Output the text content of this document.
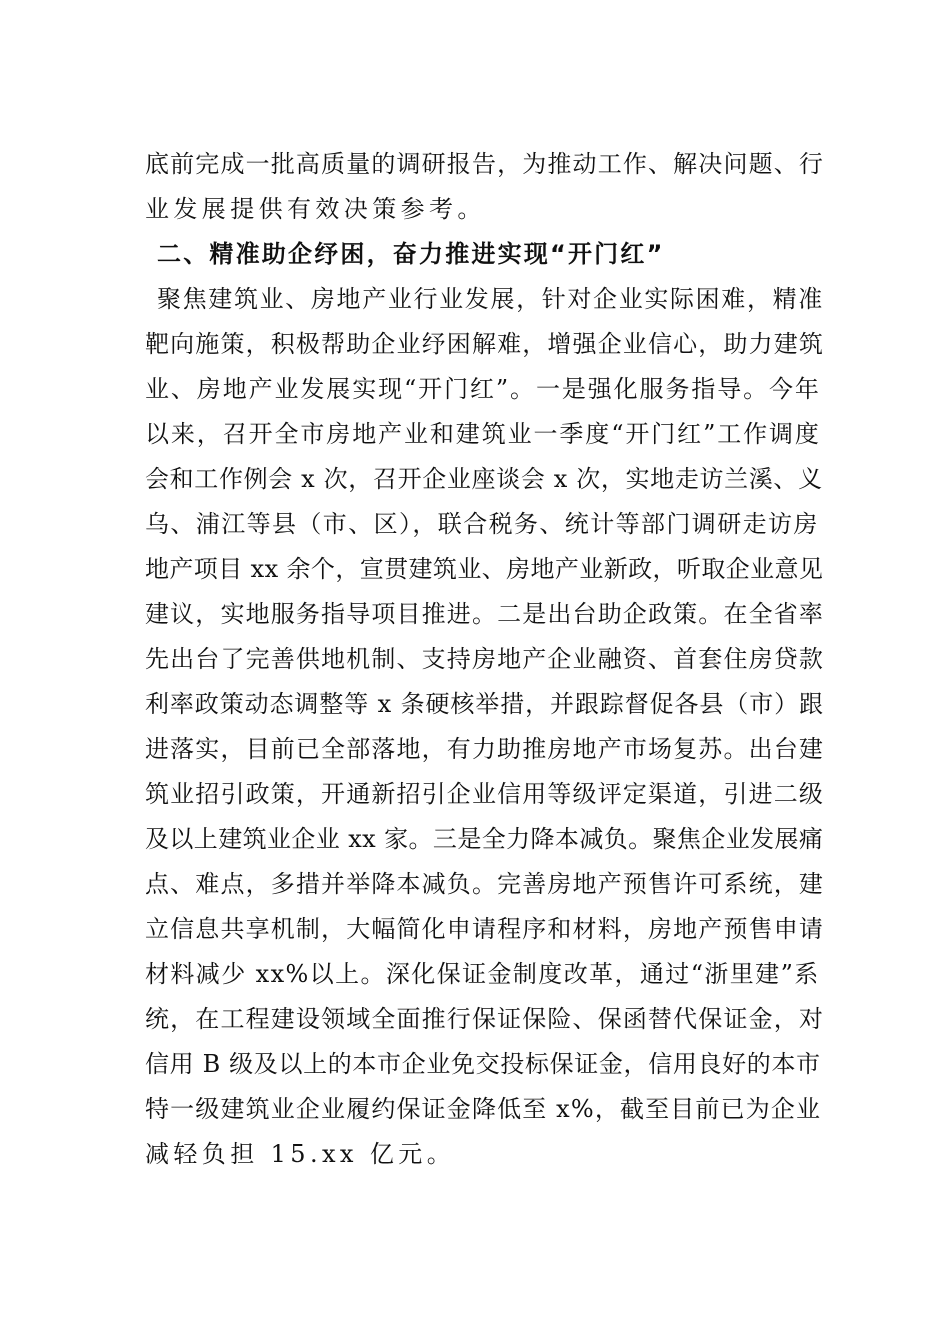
底前完成一批高质量的调研报告，为推动工作、解决问题、行
业发展提供有效决策参考。
二、精准助企纾困，奋力推进实现“开门红”
聚焦建筑业、房地产业行业发展，针对企业实际困难，精准
靶向施策，积极帮助企业纾困解难，增强企业信心，助力建筑
业、房地产业发展实现“开门红”。一是强化服务指导。今年
以来，召开全市房地产业和建筑业一季度“开门红”工作调度
会和工作例会 x 次，召开企业座谈会 x 次，实地走访兰溪、义
乌、浦江等县（市、区），联合税务、统计等部门调研走访房
地产项目 xx 余个，宣贯建筑业、房地产业新政，听取企业意见
建议，实地服务指导项目推进。二是出台助企政策。在全省率
先出台了完善供地机制、支持房地产企业融资、首套住房贷款
利率政策动态调整等 x 条硬核举措，并跟踪督促各县（市）跟
进落实，目前已全部落地，有力助推房地产市场复苏。出台建
筑业招引政策，开通新招引企业信用等级评定渠道，引进二级
及以上建筑业企业 xx 家。三是全力降本减负。聚焦企业发展痛
点、难点，多措并举降本减负。完善房地产预售许可系统，建
立信息共享机制，大幅简化申请程序和材料，房地产预售申请
材料减少 xx%以上。深化保证金制度改革，通过“浙里建”系
统，在工程建设领域全面推行保证保险、保函替代保证金，对
信用 B 级及以上的本市企业免交投标保证金，信用良好的本市
特一级建筑业企业履约保证金降低至 x%，截至目前已为企业
减轻负担 15.xx 亿元。
